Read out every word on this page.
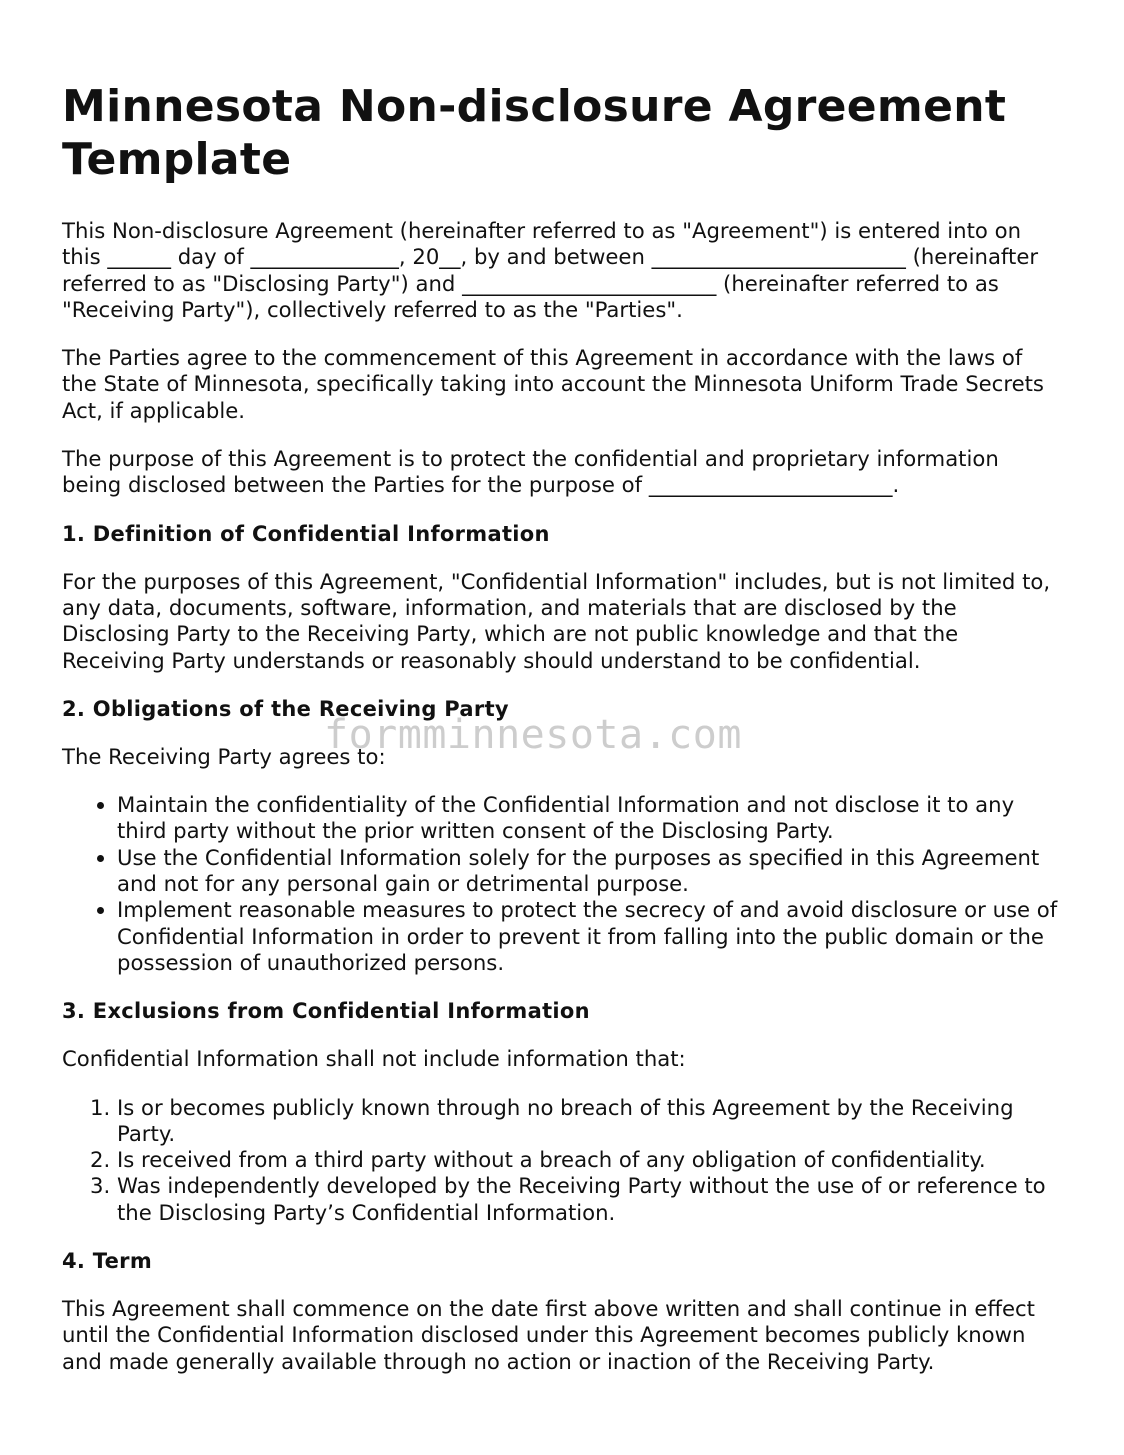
Minnesota Non-disclosure Agreement Template

This Non-disclosure Agreement (hereinafter referred to as "Agreement") is entered into on this ______ day of ______________, 20__, by and between ________________________ (hereinafter referred to as "Disclosing Party") and ________________________ (hereinafter referred to as "Receiving Party"), collectively referred to as the "Parties".

The Parties agree to the commencement of this Agreement in accordance with the laws of the State of Minnesota, specifically taking into account the Minnesota Uniform Trade Secrets Act, if applicable.

The purpose of this Agreement is to protect the confidential and proprietary information being disclosed between the Parties for the purpose of _______________________.

1. Definition of Confidential Information

For the purposes of this Agreement, "Confidential Information" includes, but is not limited to, any data, documents, software, information, and materials that are disclosed by the Disclosing Party to the Receiving Party, which are not public knowledge and that the Receiving Party understands or reasonably should understand to be confidential.

2. Obligations of the Receiving Party

The Receiving Party agrees to:

• Maintain the confidentiality of the Confidential Information and not disclose it to any third party without the prior written consent of the Disclosing Party.
• Use the Confidential Information solely for the purposes as specified in this Agreement and not for any personal gain or detrimental purpose.
• Implement reasonable measures to protect the secrecy of and avoid disclosure or use of Confidential Information in order to prevent it from falling into the public domain or the possession of unauthorized persons.
3. Exclusions from Confidential Information

Confidential Information shall not include information that:

1. Is or becomes publicly known through no breach of this Agreement by the Receiving Party.
2. Is received from a third party without a breach of any obligation of confidentiality.
3. Was independently developed by the Receiving Party without the use of or reference to the Disclosing Party’s Confidential Information.
4. Term

This Agreement shall commence on the date first above written and shall continue in effect until the Confidential Information disclosed under this Agreement becomes publicly known and made generally available through no action or inaction of the Receiving Party.

formminnesota.com
